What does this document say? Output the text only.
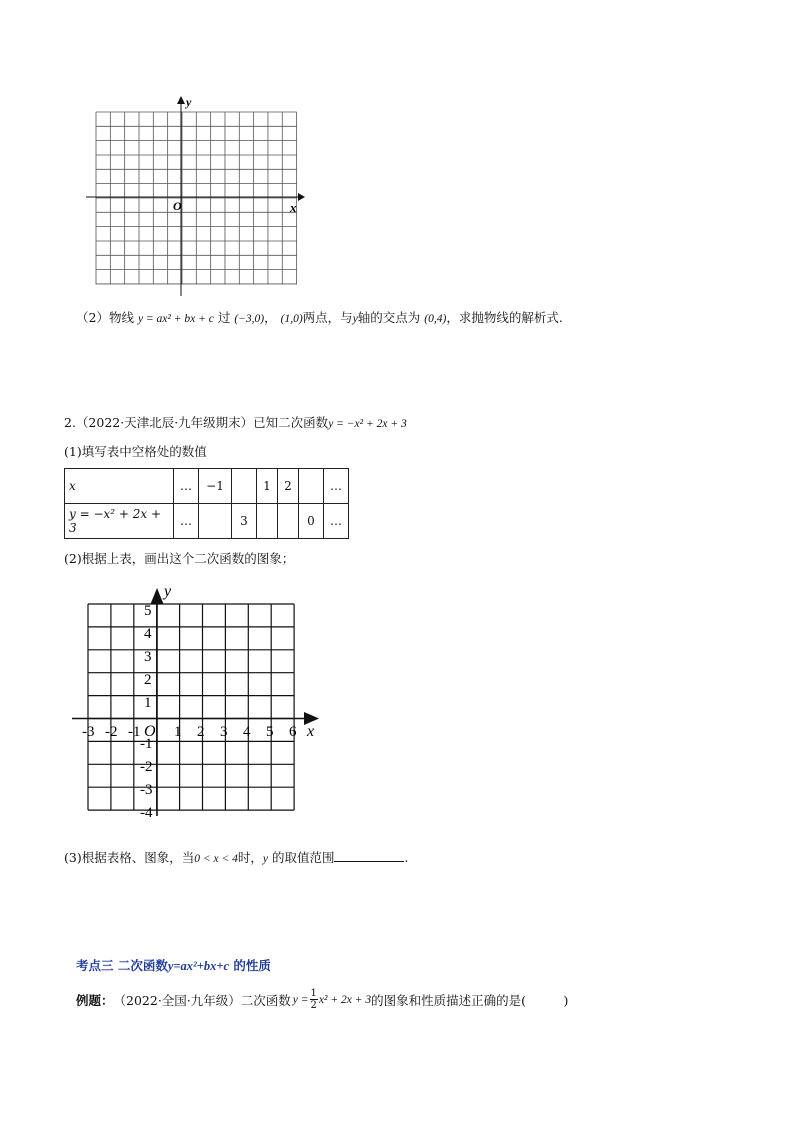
y
x
O
（2）物线 y = ax² + bx + c 过 (−3,0)， (1,0)两点，与y轴的交点为 (0,4)，求抛物线的解析式.
2.（2022·天津北辰·九年级期末）已知二次函数y = −x² + 2x + 3
(1)填写表中空格处的数值
x	…	−1		1	2		…
y = −x² + 2x + 3	…		3			0	…
(2)根据上表，画出这个二次函数的图象；
y
x
O
-3 -2 -1 1 2 3 4 5 6
5
4
3
2
1
-1
-2
-3
-4
(3)根据表格、图象，当0 < x < 4时，y 的取值范围	.
考点三 二次函数y=ax²+bx+c 的性质
例题： （2022·全国·九年级）二次函数 $y = \frac{1}{2} x^2 + 2x + 3$ 的图象和性质描述正确的是(　　　)
